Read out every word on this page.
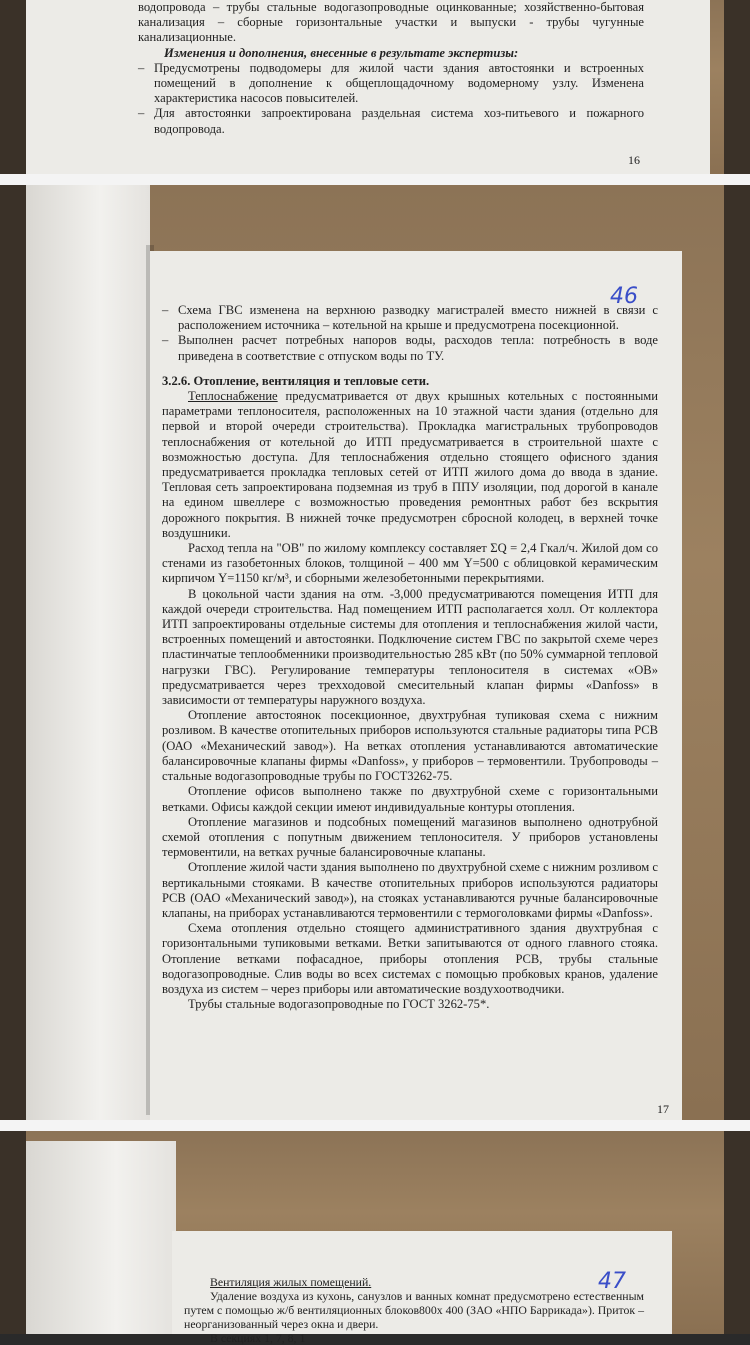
водопровода – трубы стальные водогазопроводные оцинкованные; хозяйственно-бытовая канализация – сборные горизонтальные участки и выпуски - трубы чугунные канализационные.

Изменения и дополнения, внесенные в результате экспертизы:

– Предусмотрены подводомеры для жилой части здания автостоянки и встроенных помещений в дополнение к общеплощадочному водомерному узлу. Изменена характеристика насосов повысителей.

– Для автостоянки запроектирована раздельная система хоз-питьевого и пожарного водопровода.

16
46

– Схема ГВС изменена на верхнюю разводку магистралей вместо нижней в связи с расположением источника – котельной на крыше и предусмотрена посекционной.

– Выполнен расчет потребных напоров воды, расходов тепла: потребность в воде приведена в соответствие с отпуском воды по ТУ.

3.2.6. Отопление, вентиляция и тепловые сети.

Теплоснабжение предусматривается от двух крышных котельных с постоянными параметрами теплоносителя, расположенных на 10 этажной части здания (отдельно для первой и второй очереди строительства). Прокладка магистральных трубопроводов теплоснабжения от котельной до ИТП предусматривается в строительной шахте с возможностью доступа. Для теплоснабжения отдельно стоящего офисного здания предусматривается прокладка тепловых сетей от ИТП жилого дома до ввода в здание. Тепловая сеть запроектирована подземная из труб в ППУ изоляции, под дорогой в канале на едином швеллере с возможностью проведения ремонтных работ без вскрытия дорожного покрытия. В нижней точке предусмотрен сбросной колодец, в верхней точке воздушники.

Расход тепла на "ОВ" по жилому комплексу составляет ΣQ = 2,4 Гкал/ч. Жилой дом со стенами из газобетонных блоков, толщиной – 400 мм Y=500 с облицовкой керамическим кирпичом Y=1150 кг/м³, и сборными железобетонными перекрытиями.

В цокольной части здания на отм. -3,000 предусматриваются помещения ИТП для каждой очереди строительства. Над помещением ИТП располагается холл. От коллектора ИТП запроектированы отдельные системы для отопления и теплоснабжения жилой части, встроенных помещений и автостоянки. Подключение систем ГВС по закрытой схеме через пластинчатые теплообменники производительностью 285 кВт (по 50% суммарной тепловой нагрузки ГВС). Регулирование температуры теплоносителя в системах «ОВ» предусматривается через трехходовой смесительный клапан фирмы «Danfoss» в зависимости от температуры наружного воздуха.

Отопление автостоянок посекционное, двухтрубная тупиковая схема с нижним розливом. В качестве отопительных приборов используются стальные радиаторы типа PCB (ОАО «Механический завод»). На ветках отопления устанавливаются автоматические балансировочные клапаны фирмы «Danfoss», у приборов – термовентили. Трубопроводы – стальные водогазопроводные трубы по ГОСТ3262-75.

Отопление офисов выполнено также по двухтрубной схеме с горизонтальными ветками. Офисы каждой секции имеют индивидуальные контуры отопления.

Отопление магазинов и подсобных помещений магазинов выполнено однотрубной схемой отопления с попутным движением теплоносителя. У приборов установлены термовентили, на ветках ручные балансировочные клапаны.

Отопление жилой части здания выполнено по двухтрубной схеме с нижним розливом с вертикальными стояками. В качестве отопительных приборов используются радиаторы PCB (ОАО «Механический завод»), на стояках устанавливаются ручные балансировочные клапаны, на приборах устанавливаются термовентили с термоголовками фирмы «Danfoss».

Схема отопления отдельно стоящего административного здания двухтрубная с горизонтальными тупиковыми ветками. Ветки запитываются от одного главного стояка. Отопление ветками пофасадное, приборы отопления PCB, трубы стальные водогазопроводные. Слив воды во всех системах с помощью пробковых кранов, удаление воздуха из систем – через приборы или автоматические воздухоотводчики.

Трубы стальные водогазопроводные по ГОСТ 3262-75*.

17
47

Вентиляция жилых помещений.

Удаление воздуха из кухонь, санузлов и ванных комнат предусмотрено естественным путем с помощью ж/б вентиляционных блоков800х 400 (ЗАО «НПО Баррикада»). Приток – неорганизованный через окна и двери.

В секциях 1, 7, 8, 1
